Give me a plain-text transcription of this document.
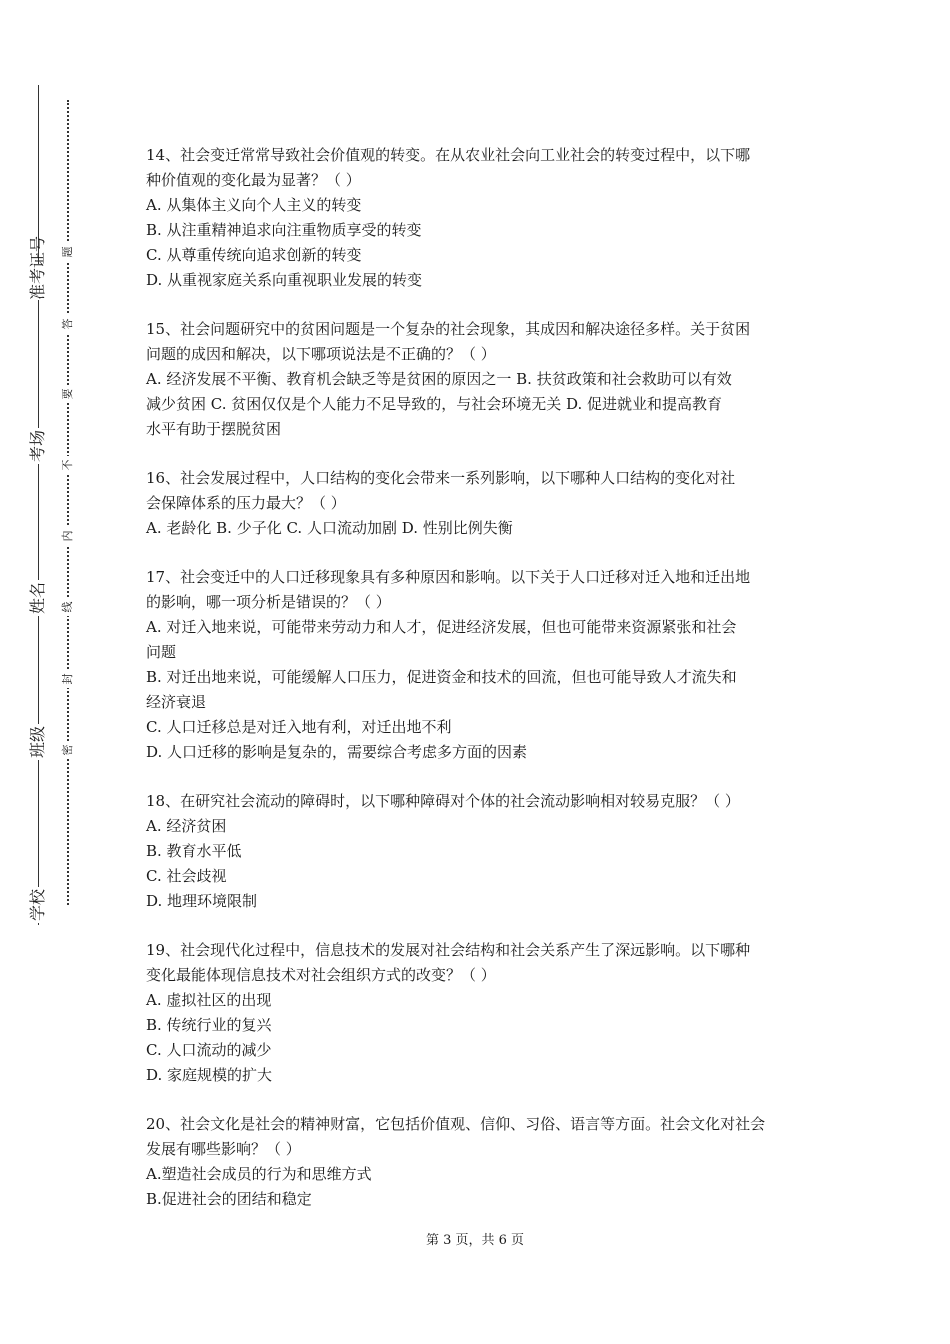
准考证号
考场
姓名
班级
学校
题
答
要
不
内
线
封
密
14、社会变迁常常导致社会价值观的转变。在从农业社会向工业社会的转变过程中，以下哪
种价值观的变化最为显著？（ ）
A. 从集体主义向个人主义的转变
B. 从注重精神追求向注重物质享受的转变
C. 从尊重传统向追求创新的转变
D. 从重视家庭关系向重视职业发展的转变
15、社会问题研究中的贫困问题是一个复杂的社会现象，其成因和解决途径多样。关于贫困
问题的成因和解决，以下哪项说法是不正确的？（ ）
A. 经济发展不平衡、教育机会缺乏等是贫困的原因之一 B. 扶贫政策和社会救助可以有效
减少贫困 C. 贫困仅仅是个人能力不足导致的，与社会环境无关 D. 促进就业和提高教育
水平有助于摆脱贫困
16、社会发展过程中，人口结构的变化会带来一系列影响，以下哪种人口结构的变化对社
会保障体系的压力最大？（ ）
A. 老龄化 B. 少子化 C. 人口流动加剧 D. 性别比例失衡
17、社会变迁中的人口迁移现象具有多种原因和影响。以下关于人口迁移对迁入地和迁出地
的影响，哪一项分析是错误的？（ ）
A. 对迁入地来说，可能带来劳动力和人才，促进经济发展，但也可能带来资源紧张和社会
问题
B. 对迁出地来说，可能缓解人口压力，促进资金和技术的回流，但也可能导致人才流失和
经济衰退
C. 人口迁移总是对迁入地有利，对迁出地不利
D. 人口迁移的影响是复杂的，需要综合考虑多方面的因素
18、在研究社会流动的障碍时，以下哪种障碍对个体的社会流动影响相对较易克服？（ ）
A. 经济贫困
B. 教育水平低
C. 社会歧视
D. 地理环境限制
19、社会现代化过程中，信息技术的发展对社会结构和社会关系产生了深远影响。以下哪种
变化最能体现信息技术对社会组织方式的改变？（ ）
A. 虚拟社区的出现
B. 传统行业的复兴
C. 人口流动的减少
D. 家庭规模的扩大
20、社会文化是社会的精神财富，它包括价值观、信仰、习俗、语言等方面。社会文化对社会
发展有哪些影响？（ ）
A.塑造社会成员的行为和思维方式
B.促进社会的团结和稳定
第 3 页，共 6 页
